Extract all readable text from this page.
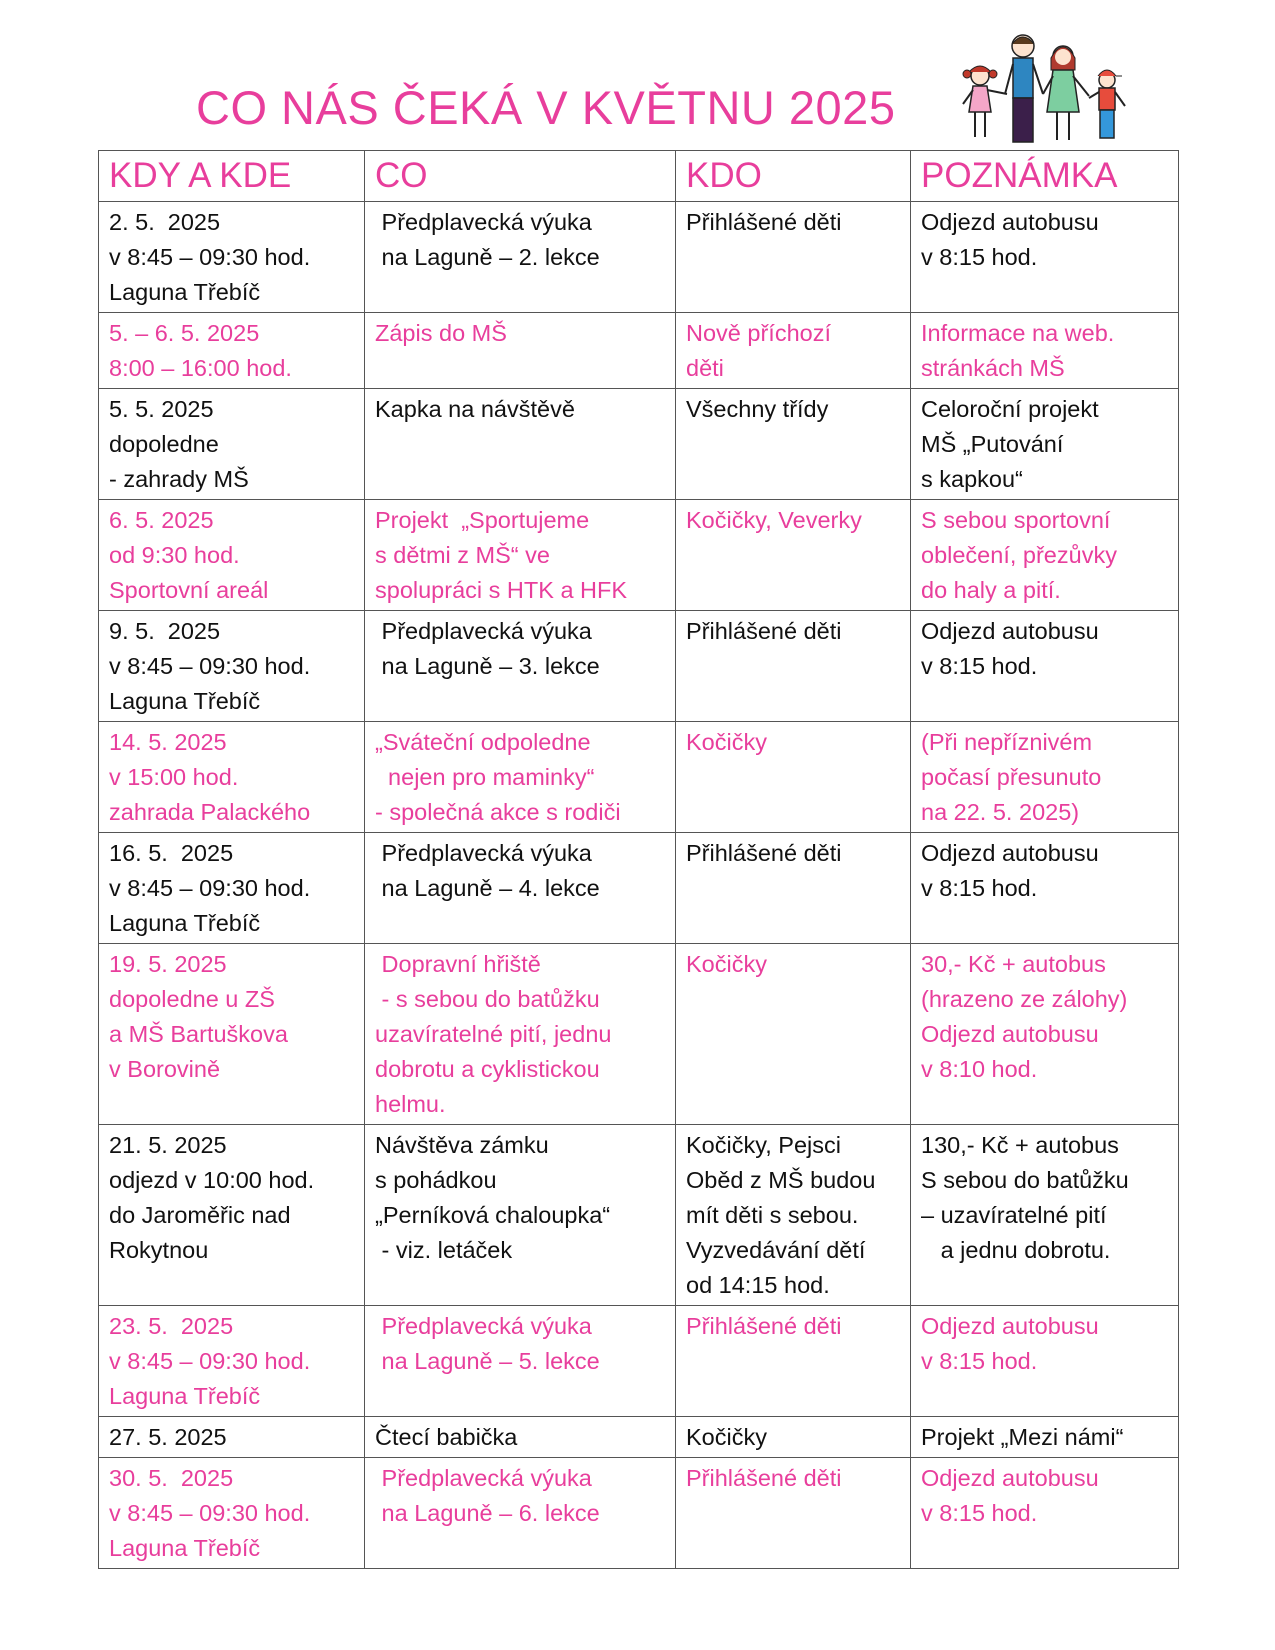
CO NÁS ČEKÁ V KVĚTNU 2025
KDY A KDE	CO	KDO	POZNÁMKA

2. 5.  2025
v 8:45 – 09:30 hod.
Laguna Třebíč	Předplavecká výuka
na Laguně – 2. lekce	Přihlášené děti	Odjezd autobusu
v 8:15 hod.

5. – 6. 5. 2025
8:00 – 16:00 hod.	Zápis do MŠ	Nově příchozí
děti	Informace na web.
stránkách MŠ

5. 5. 2025
dopoledne
- zahrady MŠ	Kapka na návštěvě	Všechny třídy	Celoroční projekt
MŠ „Putování
s kapkou“

6. 5. 2025
od 9:30 hod.
Sportovní areál	Projekt  „Sportujeme
s dětmi z MŠ“ ve
spolupráci s HTK a HFK	Kočičky, Veverky	S sebou sportovní
oblečení, přezůvky
do haly a pití.

9. 5.  2025
v 8:45 – 09:30 hod.
Laguna Třebíč	Předplavecká výuka
na Laguně – 3. lekce	Přihlášené děti	Odjezd autobusu
v 8:15 hod.

14. 5. 2025
v 15:00 hod.
zahrada Palackého	„Sváteční odpoledne
nejen pro maminky“
- společná akce s rodiči	Kočičky	(Při nepříznivém
počasí přesunuto
na 22. 5. 2025)

16. 5.  2025
v 8:45 – 09:30 hod.
Laguna Třebíč	Předplavecká výuka
na Laguně – 4. lekce	Přihlášené děti	Odjezd autobusu
v 8:15 hod.

19. 5. 2025
dopoledne u ZŠ
a MŠ Bartuškova
v Borovině	Dopravní hřiště
- s sebou do batůžku
uzavíratelné pití, jednu
dobrotu a cyklistickou
helmu.	Kočičky	30,- Kč + autobus
(hrazeno ze zálohy)
Odjezd autobusu
v 8:10 hod.

21. 5. 2025
odjezd v 10:00 hod.
do Jaroměřic nad
Rokytnou	Návštěva zámku
s pohádkou
„Perníková chaloupka“
- viz. letáček	Kočičky, Pejsci
Oběd z MŠ budou
mít děti s sebou.
Vyzvedávání dětí
od 14:15 hod.	130,- Kč + autobus
S sebou do batůžku
– uzavíratelné pití
a jednu dobrotu.

23. 5.  2025
v 8:45 – 09:30 hod.
Laguna Třebíč	Předplavecká výuka
na Laguně – 5. lekce	Přihlášené děti	Odjezd autobusu
v 8:15 hod.

27. 5. 2025	Čtecí babička	Kočičky	Projekt „Mezi námi“

30. 5.  2025
v 8:45 – 09:30 hod.
Laguna Třebíč	Předplavecká výuka
na Laguně – 6. lekce	Přihlášené děti	Odjezd autobusu
v 8:15 hod.
